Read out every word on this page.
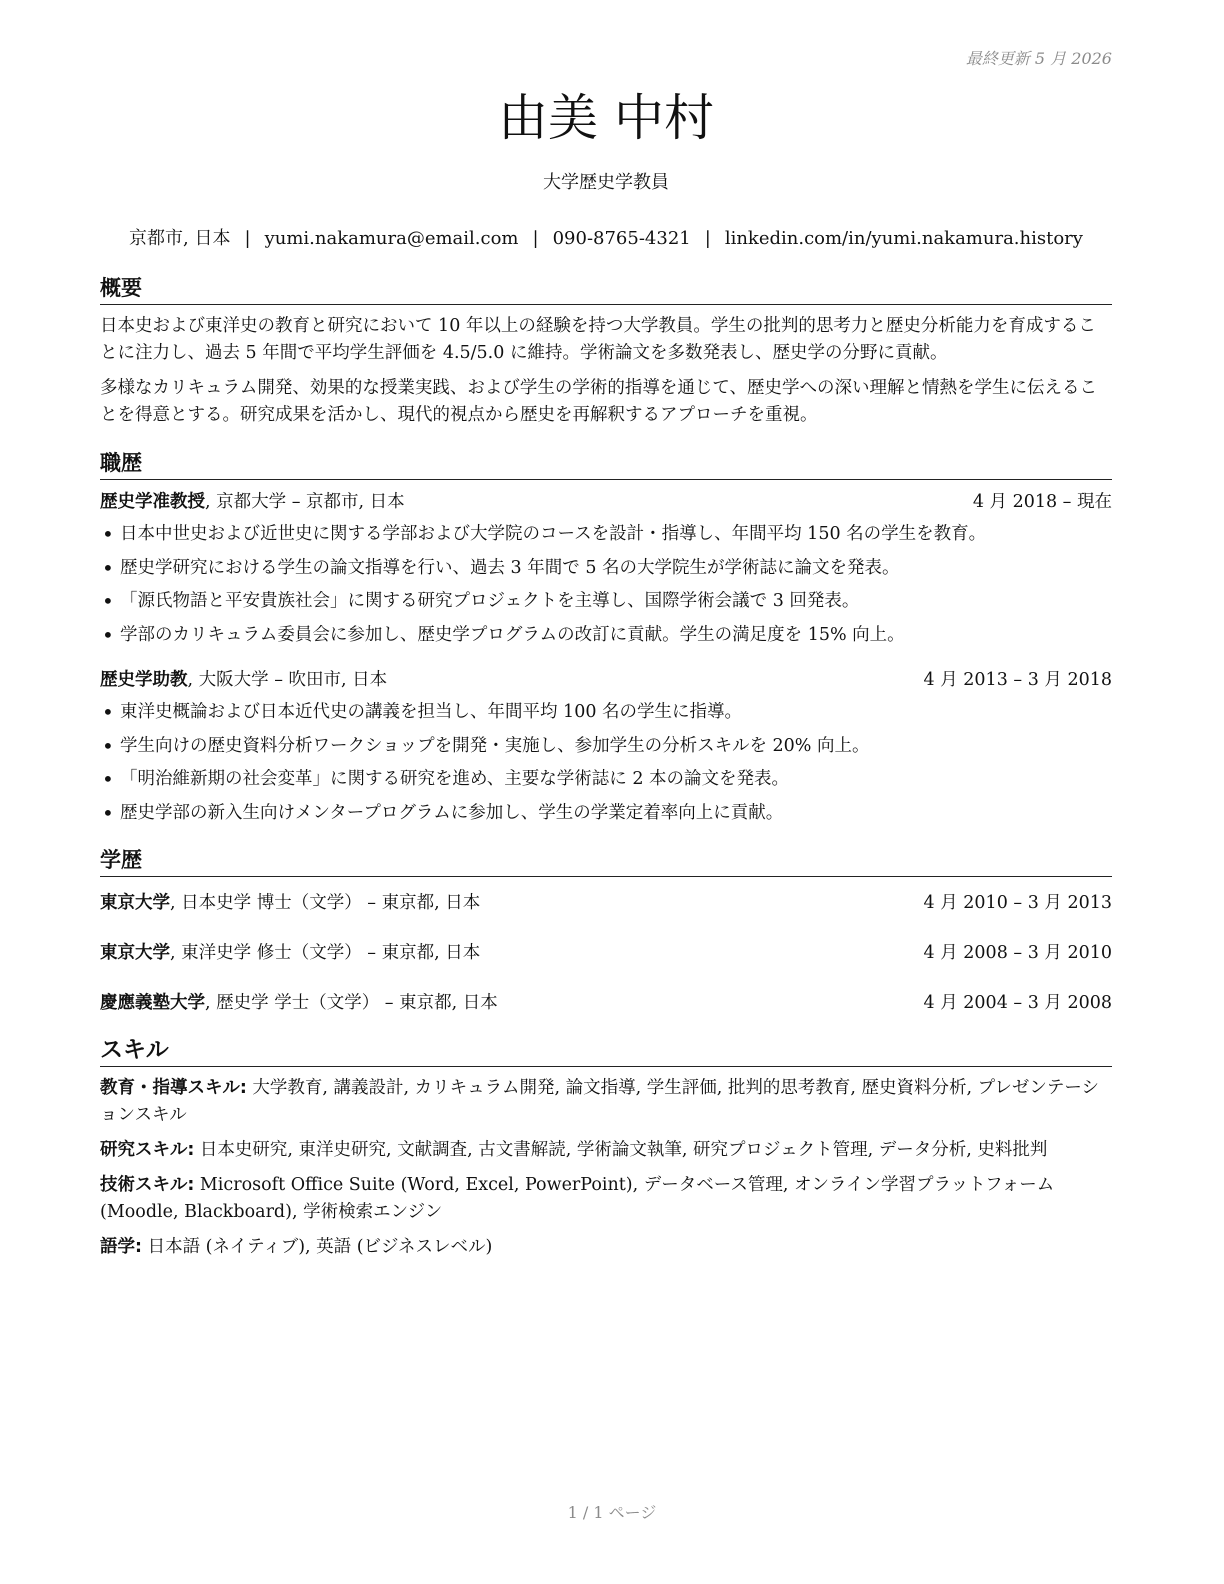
最終更新 5 月 2026
由美 中村
大学歴史学教員
京都市, 日本 | yumi.nakamura@email.com | 090-8765-4321 | linkedin.com/in/yumi.nakamura.history
概要

日本史および東洋史の教育と研究において 10 年以上の経験を持つ大学教員。学生の批判的思考力と歴史分析能力を育成することに注力し、過去 5 年間で平均学生評価を 4.5/5.0 に維持。学術論文を多数発表し、歴史学の分野に貢献。

多様なカリキュラム開発、効果的な授業実践、および学生の学術的指導を通じて、歴史学への深い理解と情熱を学生に伝えることを得意とする。研究成果を活かし、現代的視点から歴史を再解釈するアプローチを重視。

職歴
歴史学准教授, 京都大学 – 京都市, 日本	4 月 2018 – 現在
• 日本中世史および近世史に関する学部および大学院のコースを設計・指導し、年間平均 150 名の学生を教育。
• 歴史学研究における学生の論文指導を行い、過去 3 年間で 5 名の大学院生が学術誌に論文を発表。
• 「源氏物語と平安貴族社会」に関する研究プロジェクトを主導し、国際学術会議で 3 回発表。
• 学部のカリキュラム委員会に参加し、歴史学プログラムの改訂に貢献。学生の満足度を 15% 向上。
歴史学助教, 大阪大学 – 吹田市, 日本	4 月 2013 – 3 月 2018
• 東洋史概論および日本近代史の講義を担当し、年間平均 100 名の学生に指導。
• 学生向けの歴史資料分析ワークショップを開発・実施し、参加学生の分析スキルを 20% 向上。
• 「明治維新期の社会変革」に関する研究を進め、主要な学術誌に 2 本の論文を発表。
• 歴史学部の新入生向けメンタープログラムに参加し、学生の学業定着率向上に貢献。
学歴
東京大学, 日本史学 博士（文学） – 東京都, 日本	4 月 2010 – 3 月 2013
東京大学, 東洋史学 修士（文学） – 東京都, 日本	4 月 2008 – 3 月 2010
慶應義塾大学, 歴史学 学士（文学） – 東京都, 日本	4 月 2004 – 3 月 2008
スキル
教育・指導スキル: 大学教育, 講義設計, カリキュラム開発, 論文指導, 学生評価, 批判的思考教育, 歴史資料分析, プレゼンテーションスキル
研究スキル: 日本史研究, 東洋史研究, 文献調査, 古文書解読, 学術論文執筆, 研究プロジェクト管理, データ分析, 史料批判
技術スキル: Microsoft Office Suite (Word, Excel, PowerPoint), データベース管理, オンライン学習プラットフォーム (Moodle, Blackboard), 学術検索エンジン
語学: 日本語 (ネイティブ), 英語 (ビジネスレベル)
1 / 1 ページ
